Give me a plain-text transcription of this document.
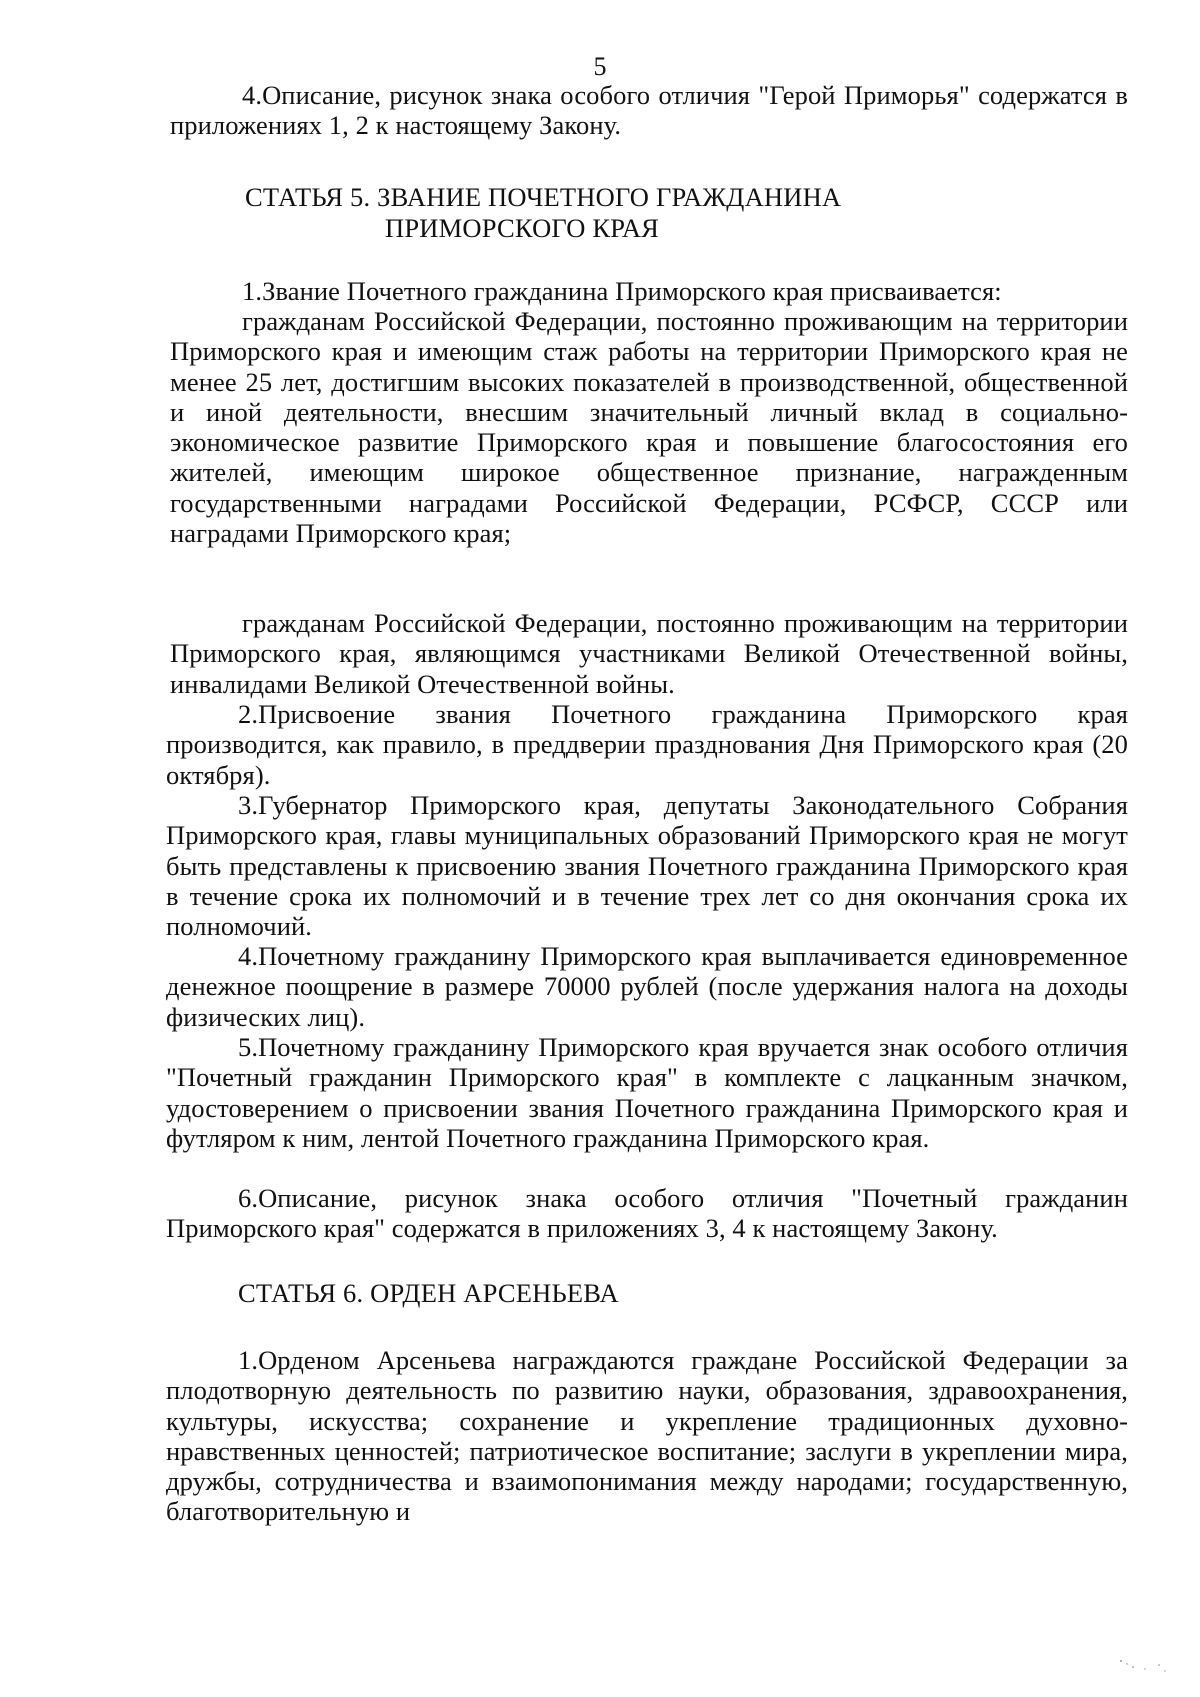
5

4.Описание, рисунок знака особого отличия "Герой Приморья" содержатся в приложениях 1, 2 к настоящему Закону.

СТАТЬЯ 5. ЗВАНИЕ ПОЧЕТНОГО ГРАЖДАНИНА
ПРИМОРСКОГО КРАЯ

1.Звание Почетного гражданина Приморского края присваивается:

гражданам Российской Федерации, постоянно проживающим на территории Приморского края и имеющим стаж работы на территории Приморского края не менее 25 лет, достигшим высоких показателей в производственной, общественной и иной деятельности, внесшим значительный личный вклад в социально-экономическое развитие Приморского края и повышение благосостояния его жителей, имеющим широкое общественное признание, награжденным государственными наградами Российской Федерации, РСФСР, СССР или наградами Приморского края;

гражданам Российской Федерации, постоянно проживающим на территории Приморского края, являющимся участниками Великой Отечественной войны, инвалидами Великой Отечественной войны.

2.Присвоение звания Почетного гражданина Приморского края производится, как правило, в преддверии празднования Дня Приморского края (20 октября).

3.Губернатор Приморского края, депутаты Законодательного Собрания Приморского края, главы муниципальных образований Приморского края не могут быть представлены к присвоению звания Почетного гражданина Приморского края в течение срока их полномочий и в течение трех лет со дня окончания срока их полномочий.

4.Почетному гражданину Приморского края выплачивается единовременное денежное поощрение в размере 70000 рублей (после удержания налога на доходы физических лиц).

5.Почетному гражданину Приморского края вручается знак особого отличия "Почетный гражданин Приморского края" в комплекте с лацканным значком, удостоверением о присвоении звания Почетного гражданина Приморского края и футляром к ним, лентой Почетного гражданина Приморского края.

6.Описание, рисунок знака особого отличия "Почетный гражданин Приморского края" содержатся в приложениях 3, 4 к настоящему Закону.

СТАТЬЯ 6. ОРДЕН АРСЕНЬЕВА

1.Орденом Арсеньева награждаются граждане Российской Федерации за плодотворную деятельность по развитию науки, образования, здравоохранения, культуры, искусства; сохранение и укрепление традиционных духовно-нравственных ценностей; патриотическое воспитание; заслуги в укреплении мира, дружбы, сотрудничества и взаимопонимания между народами; государственную, благотворительную и
